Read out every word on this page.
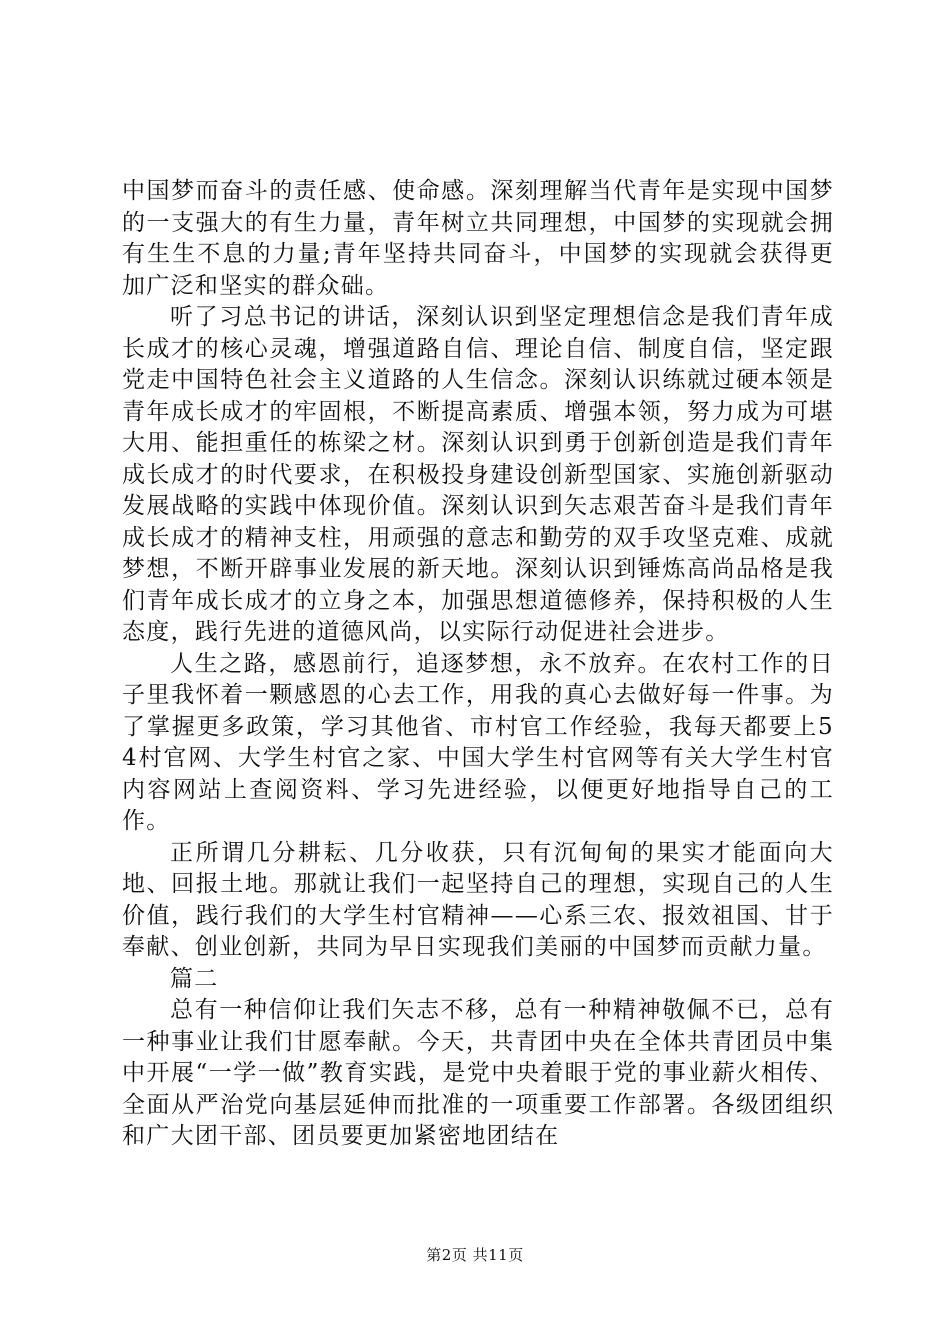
中国梦而奋斗的责任感、使命感。深刻理解当代青年是实现中国梦的一支强大的有生力量，青年树立共同理想，中国梦的实现就会拥有生生不息的力量;青年坚持共同奋斗，中国梦的实现就会获得更加广泛和坚实的群众础。

听了习总书记的讲话，深刻认识到坚定理想信念是我们青年成长成才的核心灵魂，增强道路自信、理论自信、制度自信，坚定跟党走中国特色社会主义道路的人生信念。深刻认识练就过硬本领是青年成长成才的牢固根，不断提高素质、增强本领，努力成为可堪大用、能担重任的栋梁之材。深刻认识到勇于创新创造是我们青年成长成才的时代要求，在积极投身建设创新型国家、实施创新驱动发展战略的实践中体现价值。深刻认识到矢志艰苦奋斗是我们青年成长成才的精神支柱，用顽强的意志和勤劳的双手攻坚克难、成就梦想，不断开辟事业发展的新天地。深刻认识到锤炼高尚品格是我们青年成长成才的立身之本，加强思想道德修养，保持积极的人生态度，践行先进的道德风尚，以实际行动促进社会进步。

人生之路，感恩前行，追逐梦想，永不放弃。在农村工作的日子里我怀着一颗感恩的心去工作，用我的真心去做好每一件事。为了掌握更多政策，学习其他省、市村官工作经验，我每天都要上54村官网、大学生村官之家、中国大学生村官网等有关大学生村官内容网站上查阅资料、学习先进经验，以便更好地指导自己的工作。

正所谓几分耕耘、几分收获，只有沉甸甸的果实才能面向大地、回报土地。那就让我们一起坚持自己的理想，实现自己的人生价值，践行我们的大学生村官精神——心系三农、报效祖国、甘于奉献、创业创新，共同为早日实现我们美丽的中国梦而贡献力量。

篇二

总有一种信仰让我们矢志不移，总有一种精神敬佩不已，总有一种事业让我们甘愿奉献。今天，共青团中央在全体共青团员中集中开展“一学一做”教育实践，是党中央着眼于党的事业薪火相传、全面从严治党向基层延伸而批准的一项重要工作部署。各级团组织和广大团干部、团员要更加紧密地团结在

第2页 共11页
